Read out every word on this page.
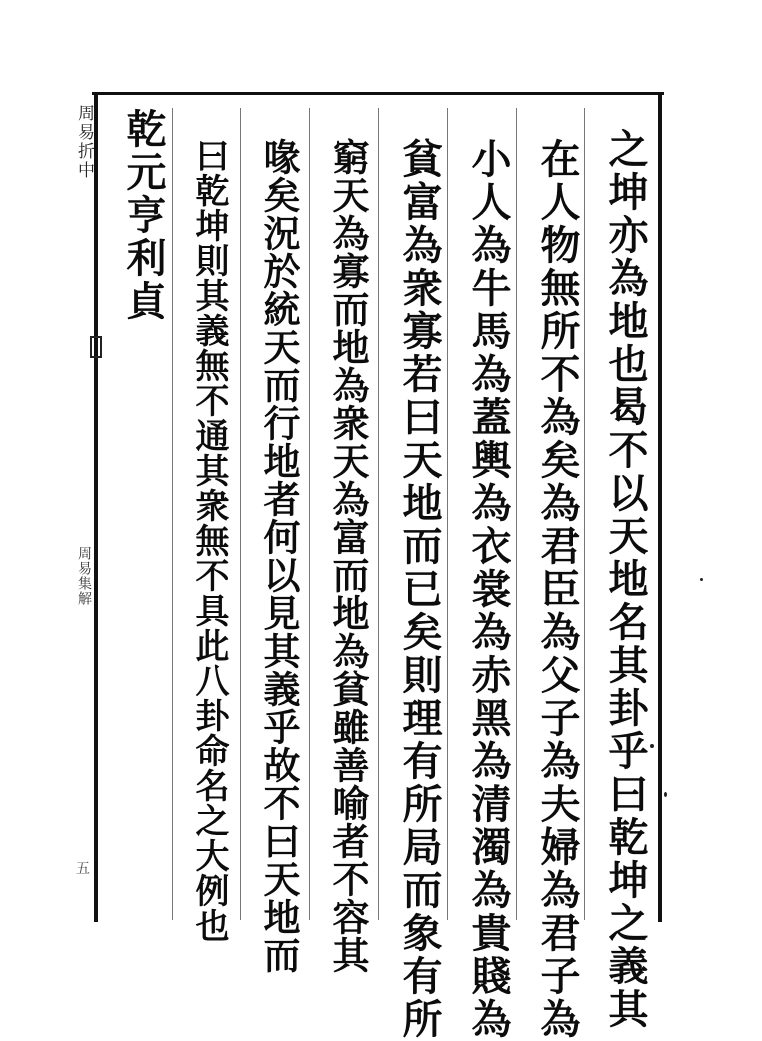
周易折中
周易集解
五	之坤亦為地也曷不以天地名其卦乎曰乾坤之義其
在人物無所不為矣為君臣為父子為夫婦為君子為
小人為牛馬為蓋輿為衣裳為赤黑為清濁為貴賤為
貧富為衆寡若曰天地而已矣則理有所局而象有所
窮天為寡而地為衆天為富而地為貧雖善喻者不容其
喙矣況於統天而行地者何以見其義乎故不曰天地而
曰乾坤則其義無不通其衆無不具此八卦命名之大例也
乾元亨利貞
